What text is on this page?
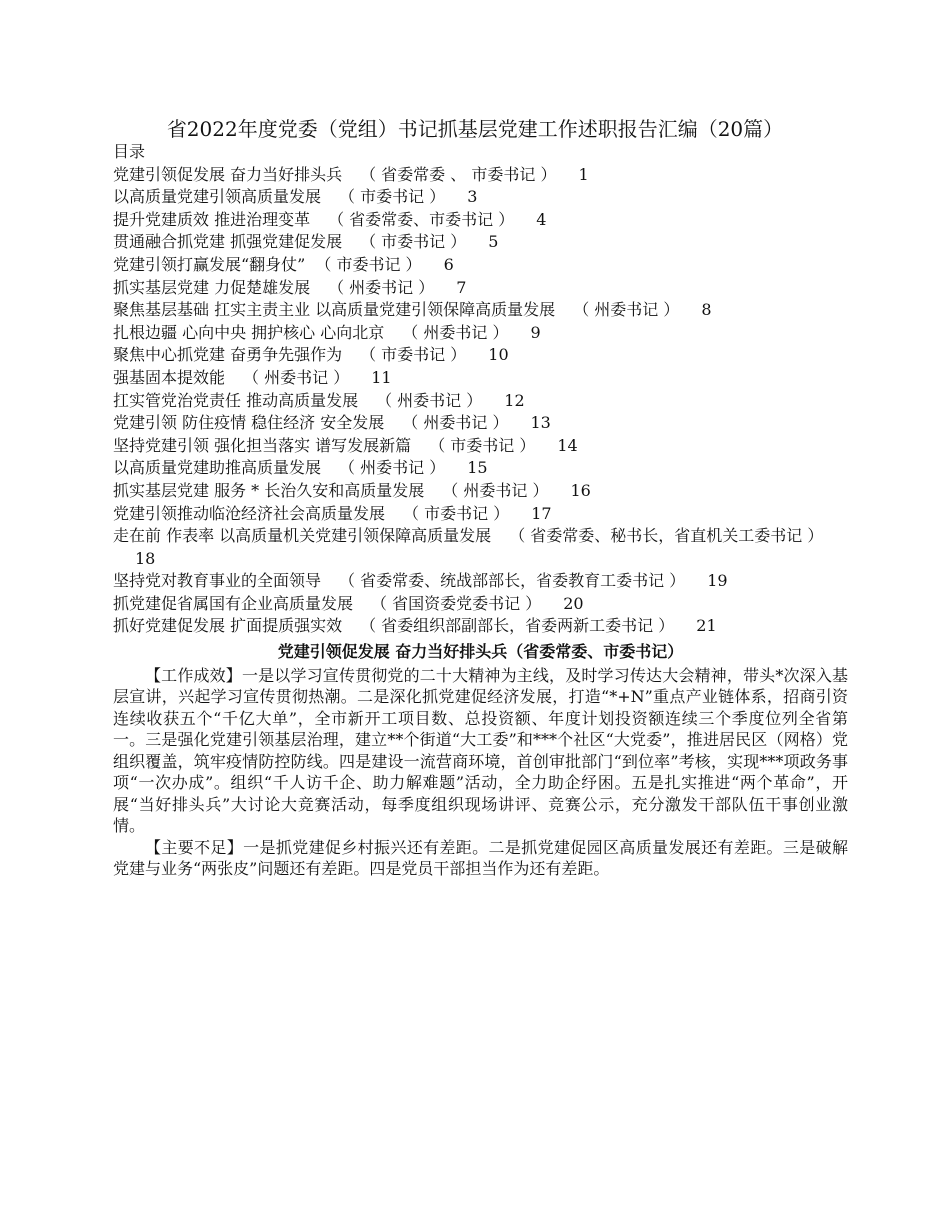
省2022年度党委（党组）书记抓基层党建工作述职报告汇编（20篇）
目录
党建引领促发展 奋力当好排头兵 （ 省委常委 、 市委书记 ） 1
以高质量党建引领高质量发展 （ 市委书记 ） 3
提升党建质效 推进治理变革 （ 省委常委、市委书记 ） 4
贯通融合抓党建 抓强党建促发展 （ 市委书记 ） 5
党建引领打赢发展“翻身仗” （ 市委书记 ） 6
抓实基层党建 力促楚雄发展 （ 州委书记 ） 7
聚焦基层基础 扛实主责主业 以高质量党建引领保障高质量发展 （ 州委书记 ） 8
扎根边疆 心向中央 拥护核心 心向北京 （ 州委书记 ） 9
聚焦中心抓党建 奋勇争先强作为 （ 市委书记 ） 10
强基固本提效能 （ 州委书记 ） 11
扛实管党治党责任 推动高质量发展 （ 州委书记 ） 12
党建引领 防住疫情 稳住经济 安全发展 （ 州委书记 ） 13
坚持党建引领 强化担当落实 谱写发展新篇 （ 市委书记 ） 14
以高质量党建助推高质量发展 （ 州委书记 ） 15
抓实基层党建 服务 * 长治久安和高质量发展 （ 州委书记 ） 16
党建引领推动临沧经济社会高质量发展 （ 市委书记 ） 17
走在前 作表率 以高质量机关党建引领保障高质量发展 （ 省委常委、秘书长，省直机关工委书记 ）18
坚持党对教育事业的全面领导 （ 省委常委、统战部部长，省委教育工委书记 ） 19
抓党建促省属国有企业高质量发展 （ 省国资委党委书记 ） 20
抓好党建促发展 扩面提质强实效 （ 省委组织部副部长，省委两新工委书记 ） 21
党建引领促发展 奋力当好排头兵（省委常委、市委书记）

【工作成效】一是以学习宣传贯彻党的二十大精神为主线，及时学习传达大会精神，带头*次深入基层宣讲，兴起学习宣传贯彻热潮。二是深化抓党建促经济发展，打造“*+N”重点产业链体系，招商引资连续收获五个“千亿大单”，全市新开工项目数、总投资额、年度计划投资额连续三个季度位列全省第一。三是强化党建引领基层治理，建立**个街道“大工委”和***个社区“大党委”，推进居民区（网格）党组织覆盖，筑牢疫情防控防线。四是建设一流营商环境，首创审批部门“到位率”考核，实现***项政务事项“一次办成”。组织“千人访千企、助力解难题”活动，全力助企纾困。五是扎实推进“两个革命”，开展“当好排头兵”大讨论大竞赛活动，每季度组织现场讲评、竞赛公示，充分激发干部队伍干事创业激情。

【主要不足】一是抓党建促乡村振兴还有差距。二是抓党建促园区高质量发展还有差距。三是破解党建与业务“两张皮”问题还有差距。四是党员干部担当作为还有差距。
